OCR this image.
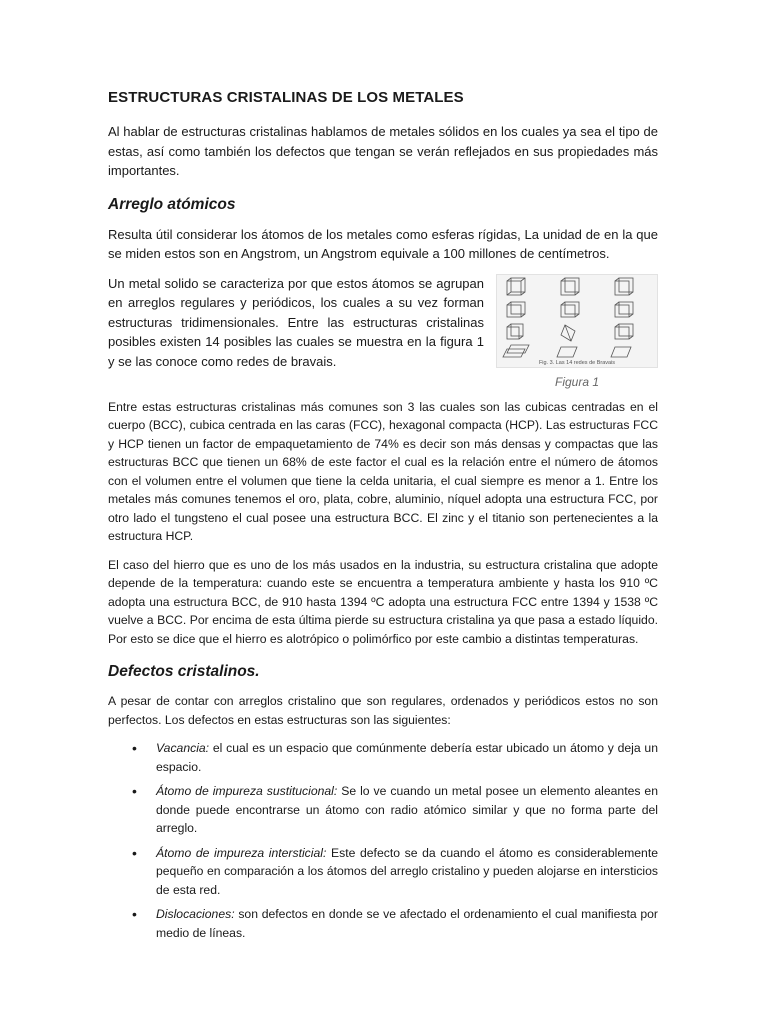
ESTRUCTURAS CRISTALINAS DE LOS METALES

Al hablar de estructuras cristalinas hablamos de metales sólidos en los cuales ya sea el tipo de estas, así como también los defectos que tengan se verán reflejados en sus propiedades más importantes.

Arreglo atómicos

Resulta útil considerar los átomos de los metales como esferas rígidas, La unidad de en la que se miden estos son en Angstrom, un Angstrom equivale a 100 millones de centímetros.

Un metal solido se caracteriza por que estos átomos se agrupan en arreglos regulares y periódicos, los cuales a su vez forman estructuras tridimensionales. Entre las estructuras cristalinas posibles existen 14 posibles las cuales se muestra en la figura 1 y se las conoce como redes de bravais.	Fig. 3. Las 14 redes de Bravais
Figura 1

Entre estas estructuras cristalinas más comunes son 3 las cuales son las cubicas centradas en el cuerpo (BCC), cubica centrada en las caras (FCC), hexagonal compacta (HCP). Las estructuras FCC y HCP tienen un factor de empaquetamiento de 74% es decir son más densas y compactas que las estructuras BCC que tienen un 68% de este factor el cual es la relación entre el número de átomos con el volumen entre el volumen que tiene la celda unitaria, el cual siempre es menor a 1. Entre los metales más comunes tenemos el oro, plata, cobre, aluminio, níquel adopta una estructura FCC, por otro lado el tungsteno el cual posee una estructura BCC. El zinc y el titanio son pertenecientes a la estructura HCP.

El caso del hierro que es uno de los más usados en la industria, su estructura cristalina que adopte depende de la temperatura: cuando este se encuentra a temperatura ambiente y hasta los 910 ºC adopta una estructura BCC, de 910 hasta 1394 ºC adopta una estructura FCC entre 1394 y 1538 ºC vuelve a BCC. Por encima de esta última pierde su estructura cristalina ya que pasa a estado líquido. Por esto se dice que el hierro es alotrópico o polimórfico por este cambio a distintas temperaturas.

Defectos cristalinos.

A pesar de contar con arreglos cristalino que son regulares, ordenados y periódicos estos no son perfectos. Los defectos en estas estructuras son las siguientes:

• Vacancia: el cual es un espacio que comúnmente debería estar ubicado un átomo y deja un espacio.
• Átomo de impureza sustitucional: Se lo ve cuando un metal posee un elemento aleantes en donde puede encontrarse un átomo con radio atómico similar y que no forma parte del arreglo.
• Átomo de impureza intersticial: Este defecto se da cuando el átomo es considerablemente pequeño en comparación a los átomos del arreglo cristalino y pueden alojarse en intersticios de esta red.
• Dislocaciones: son defectos en donde se ve afectado el ordenamiento el cual manifiesta por medio de líneas.
